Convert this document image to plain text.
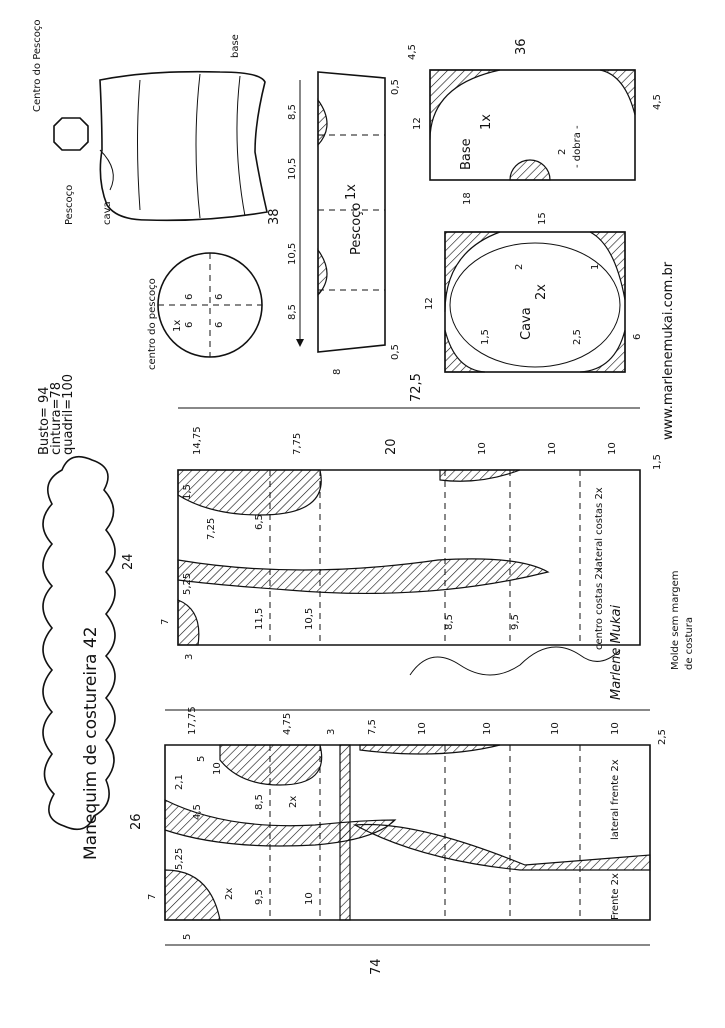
Manequim de costureira 42
Busto= 94
cintura=78
quadril=100
Centro do Pescoço	base
Pescoço	cava
6 6
6 6
1x
centro do pescoço
Pescoço
1x
8,5
10,5
10,5
8,5
38
0,5
0,5
8
Base
1x
- dobra -
4,5	36
4,5
12
18
2
Cava
2x
15
12
6
1,5	2,5
1
2	www.marlenemukai.com.br
lateral costas 2x
centro costas 2x
14,75	7,75	20	10	10	10
72,5
1,5
24
7
3
1,5
7,25	6,5
5,25
11,5	10,5	8,5	9,5	Marlene Mukai	Molde sem margem de costura
lateral frente 2x
Frente 2x
2x
2x
17,75	4,75	3	7,5	10	10	10	10
2,5
74
26
7
5
5
2,1
10
4,5
5,25
8,5
9,5	10
